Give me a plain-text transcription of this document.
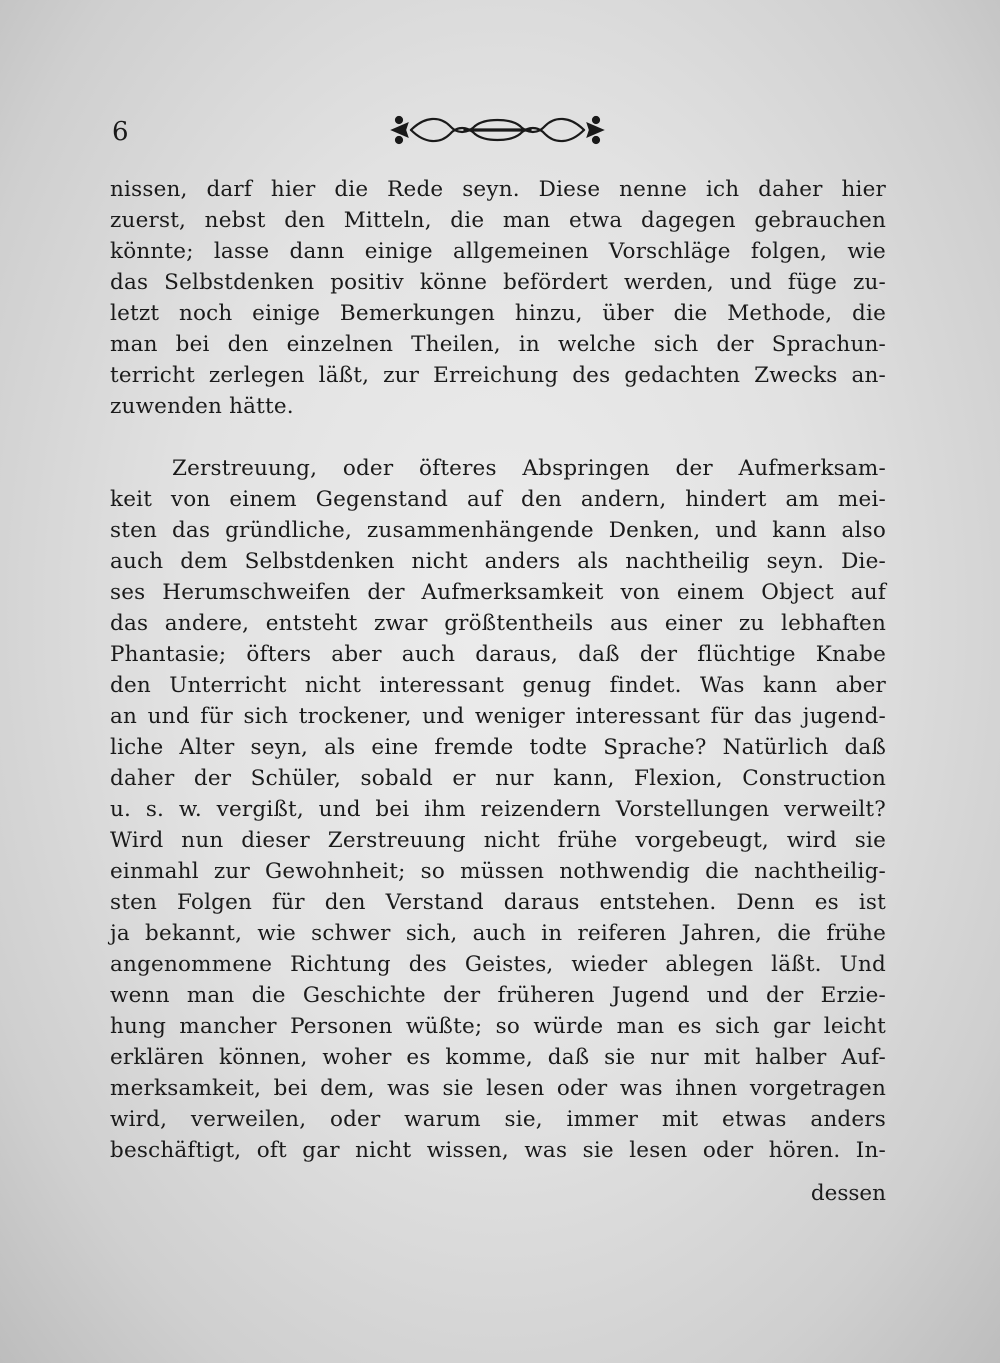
6
nissen, darf hier die Rede seyn. Diese nenne ich daher hier
zuerst, nebst den Mitteln, die man etwa dagegen gebrauchen
könnte; lasse dann einige allgemeinen Vorschläge folgen, wie
das Selbstdenken positiv könne befördert werden, und füge zu-
letzt noch einige Bemerkungen hinzu, über die Methode, die
man bei den einzelnen Theilen, in welche sich der Sprachun-
terricht zerlegen läßt, zur Erreichung des gedachten Zwecks an-
zuwenden hätte.
Zerstreuung, oder öfteres Abspringen der Aufmerksam-
keit von einem Gegenstand auf den andern, hindert am mei-
sten das gründliche, zusammenhängende Denken, und kann also
auch dem Selbstdenken nicht anders als nachtheilig seyn. Die-
ses Herumschweifen der Aufmerksamkeit von einem Object auf
das andere, entsteht zwar größtentheils aus einer zu lebhaften
Phantasie; öfters aber auch daraus, daß der flüchtige Knabe
den Unterricht nicht interessant genug findet. Was kann aber
an und für sich trockener, und weniger interessant für das jugend-
liche Alter seyn, als eine fremde todte Sprache? Natürlich daß
daher der Schüler, sobald er nur kann, Flexion, Construction
u. s. w. vergißt, und bei ihm reizendern Vorstellungen verweilt?
Wird nun dieser Zerstreuung nicht frühe vorgebeugt, wird sie
einmahl zur Gewohnheit; so müssen nothwendig die nachtheilig-
sten Folgen für den Verstand daraus entstehen. Denn es ist
ja bekannt, wie schwer sich, auch in reiferen Jahren, die frühe
angenommene Richtung des Geistes, wieder ablegen läßt. Und
wenn man die Geschichte der früheren Jugend und der Erzie-
hung mancher Personen wüßte; so würde man es sich gar leicht
erklären können, woher es komme, daß sie nur mit halber Auf-
merksamkeit, bei dem, was sie lesen oder was ihnen vorgetragen
wird, verweilen, oder warum sie, immer mit etwas anders
beschäftigt, oft gar nicht wissen, was sie lesen oder hören. In-
dessen
